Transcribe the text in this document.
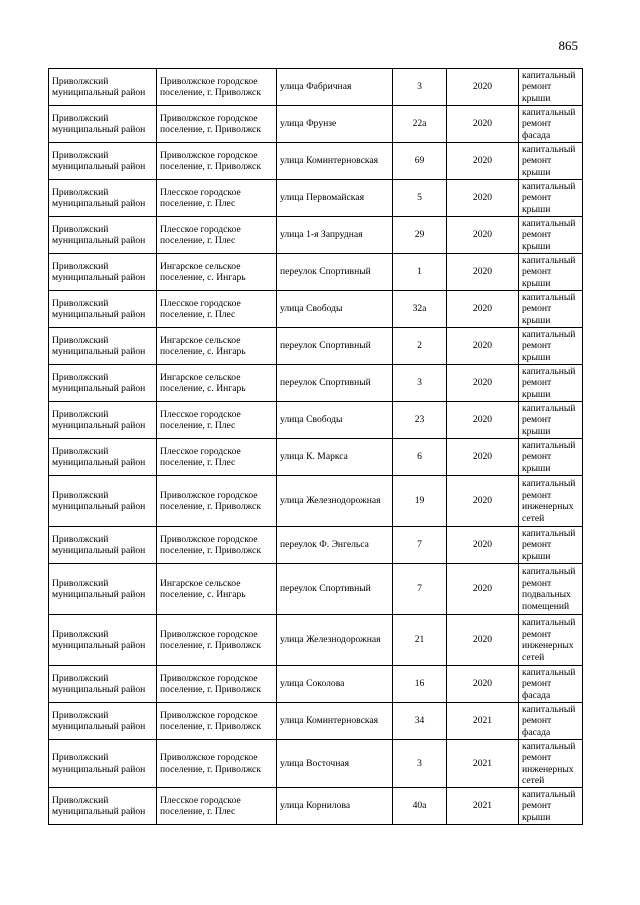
865
Приволжский муниципальный район	Приволжское городское поселение, г. Приволжск	улица Фабричная	3	2020	капитальный ремонт крыши
Приволжский муниципальный район	Приволжское городское поселение, г. Приволжск	улица Фрунзе	22а	2020	капитальный ремонт фасада
Приволжский муниципальный район	Приволжское городское поселение, г. Приволжск	улица Коминтерновская	69	2020	капитальный ремонт крыши
Приволжский муниципальный район	Плесское городское поселение, г. Плес	улица Первомайская	5	2020	капитальный ремонт крыши
Приволжский муниципальный район	Плесское городское поселение, г. Плес	улица 1-я Запрудная	29	2020	капитальный ремонт крыши
Приволжский муниципальный район	Ингарское сельское поселение, с. Ингарь	переулок Спортивный	1	2020	капитальный ремонт крыши
Приволжский муниципальный район	Плесское городское поселение, г. Плес	улица Свободы	32а	2020	капитальный ремонт крыши
Приволжский муниципальный район	Ингарское сельское поселение, с. Ингарь	переулок Спортивный	2	2020	капитальный ремонт крыши
Приволжский муниципальный район	Ингарское сельское поселение, с. Ингарь	переулок Спортивный	3	2020	капитальный ремонт крыши
Приволжский муниципальный район	Плесское городское поселение, г. Плес	улица Свободы	23	2020	капитальный ремонт крыши
Приволжский муниципальный район	Плесское городское поселение, г. Плес	улица К. Маркса	6	2020	капитальный ремонт крыши
Приволжский муниципальный район	Приволжское городское поселение, г. Приволжск	улица Железнодорожная	19	2020	капитальный ремонт инженерных сетей
Приволжский муниципальный район	Приволжское городское поселение, г. Приволжск	переулок Ф. Энгельса	7	2020	капитальный ремонт крыши
Приволжский муниципальный район	Ингарское сельское поселение, с. Ингарь	переулок Спортивный	7	2020	капитальный ремонт подвальных помещений
Приволжский муниципальный район	Приволжское городское поселение, г. Приволжск	улица Железнодорожная	21	2020	капитальный ремонт инженерных сетей
Приволжский муниципальный район	Приволжское городское поселение, г. Приволжск	улица Соколова	16	2020	капитальный ремонт фасада
Приволжский муниципальный район	Приволжское городское поселение, г. Приволжск	улица Коминтерновская	34	2021	капитальный ремонт фасада
Приволжский муниципальный район	Приволжское городское поселение, г. Приволжск	улица Восточная	3	2021	капитальный ремонт инженерных сетей
Приволжский муниципальный район	Плесское городское поселение, г. Плес	улица Корнилова	40а	2021	капитальный ремонт крыши
